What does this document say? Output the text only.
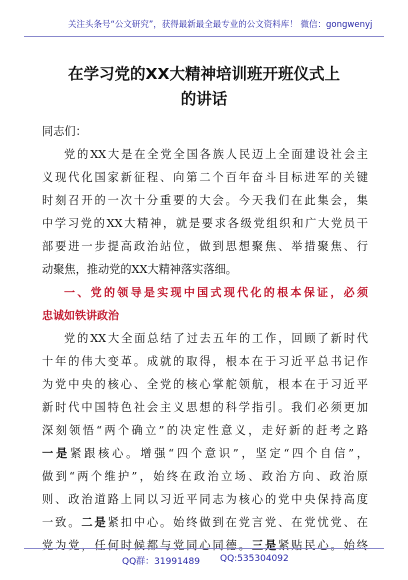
关注头条号“公文研究”，获得最新最全最专业的公文资料库！ 微信：gongwenyj
在学习党的XX大精神培训班开班仪式上
的讲话
同志们：
党的XX大是在全党全国各族人民迈上全面建设社会主
义现代化国家新征程、向第二个百年奋斗目标进军的关键
时刻召开的一次十分重要的大会。今天我们在此集会，集
中学习党的XX大精神，就是要求各级党组织和广大党员干
部要进一步提高政治站位，做到思想聚焦、举措聚焦、行
动聚焦，推动党的XX大精神落实落细。
一、党的领导是实现中国式现代化的根本保证，必须
忠诚如铁讲政治
党的XX大全面总结了过去五年的工作，回顾了新时代
十年的伟大变革。成就的取得，根本在于习近平总书记作
为党中央的核心、全党的核心掌舵领航，根本在于习近平
新时代中国特色社会主义思想的科学指引。我们必须更加
深刻领悟“两个确立”的决定性意义，走好新的赶考之路
一是紧跟核心。增强“四个意识”，坚定“四个自信”，
做到“两个维护”，始终在政治立场、政治方向、政治原
则、政治道路上同以习近平同志为核心的党中央保持高度
一致。二是紧扣中心。始终做到在党言党、在党忧党、在
党为党，任何时候都与党同心同德。三是紧贴民心。始终
QQ群：31991489 QQ:535304092
